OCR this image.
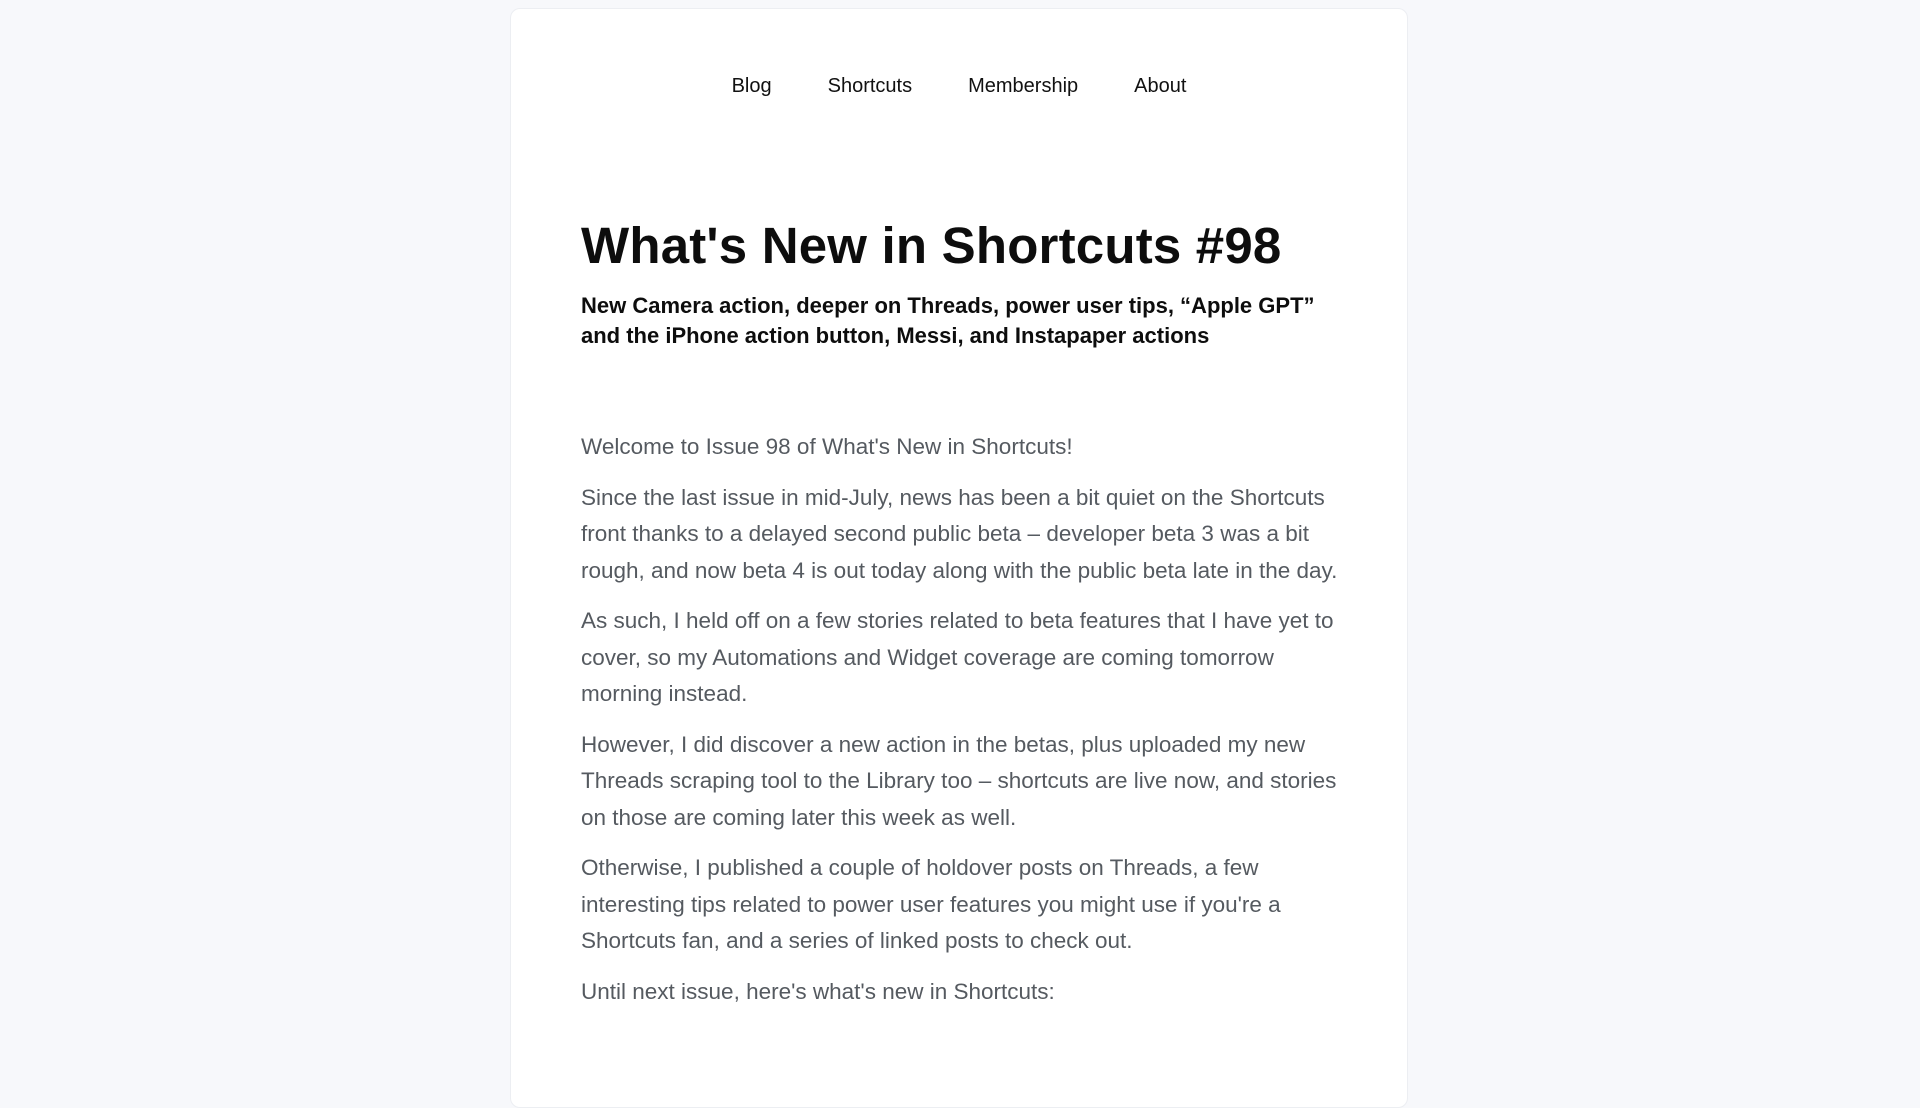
Blog	Shortcuts	Membership	About
What's New in Shortcuts #98
New Camera action, deeper on Threads, power user tips, “Apple GPT” and the iPhone action button, Messi, and Instapaper actions

Welcome to Issue 98 of What's New in Shortcuts!

Since the last issue in mid-July, news has been a bit quiet on the Shortcuts front thanks to a delayed second public beta – developer beta 3 was a bit rough, and now beta 4 is out today along with the public beta late in the day.

As such, I held off on a few stories related to beta features that I have yet to cover, so my Automations and Widget coverage are coming tomorrow morning instead.

However, I did discover a new action in the betas, plus uploaded my new Threads scraping tool to the Library too – shortcuts are live now, and stories on those are coming later this week as well.

Otherwise, I published a couple of holdover posts on Threads, a few interesting tips related to power user features you might use if you're a Shortcuts fan, and a series of linked posts to check out.

Until next issue, here's what's new in Shortcuts:
